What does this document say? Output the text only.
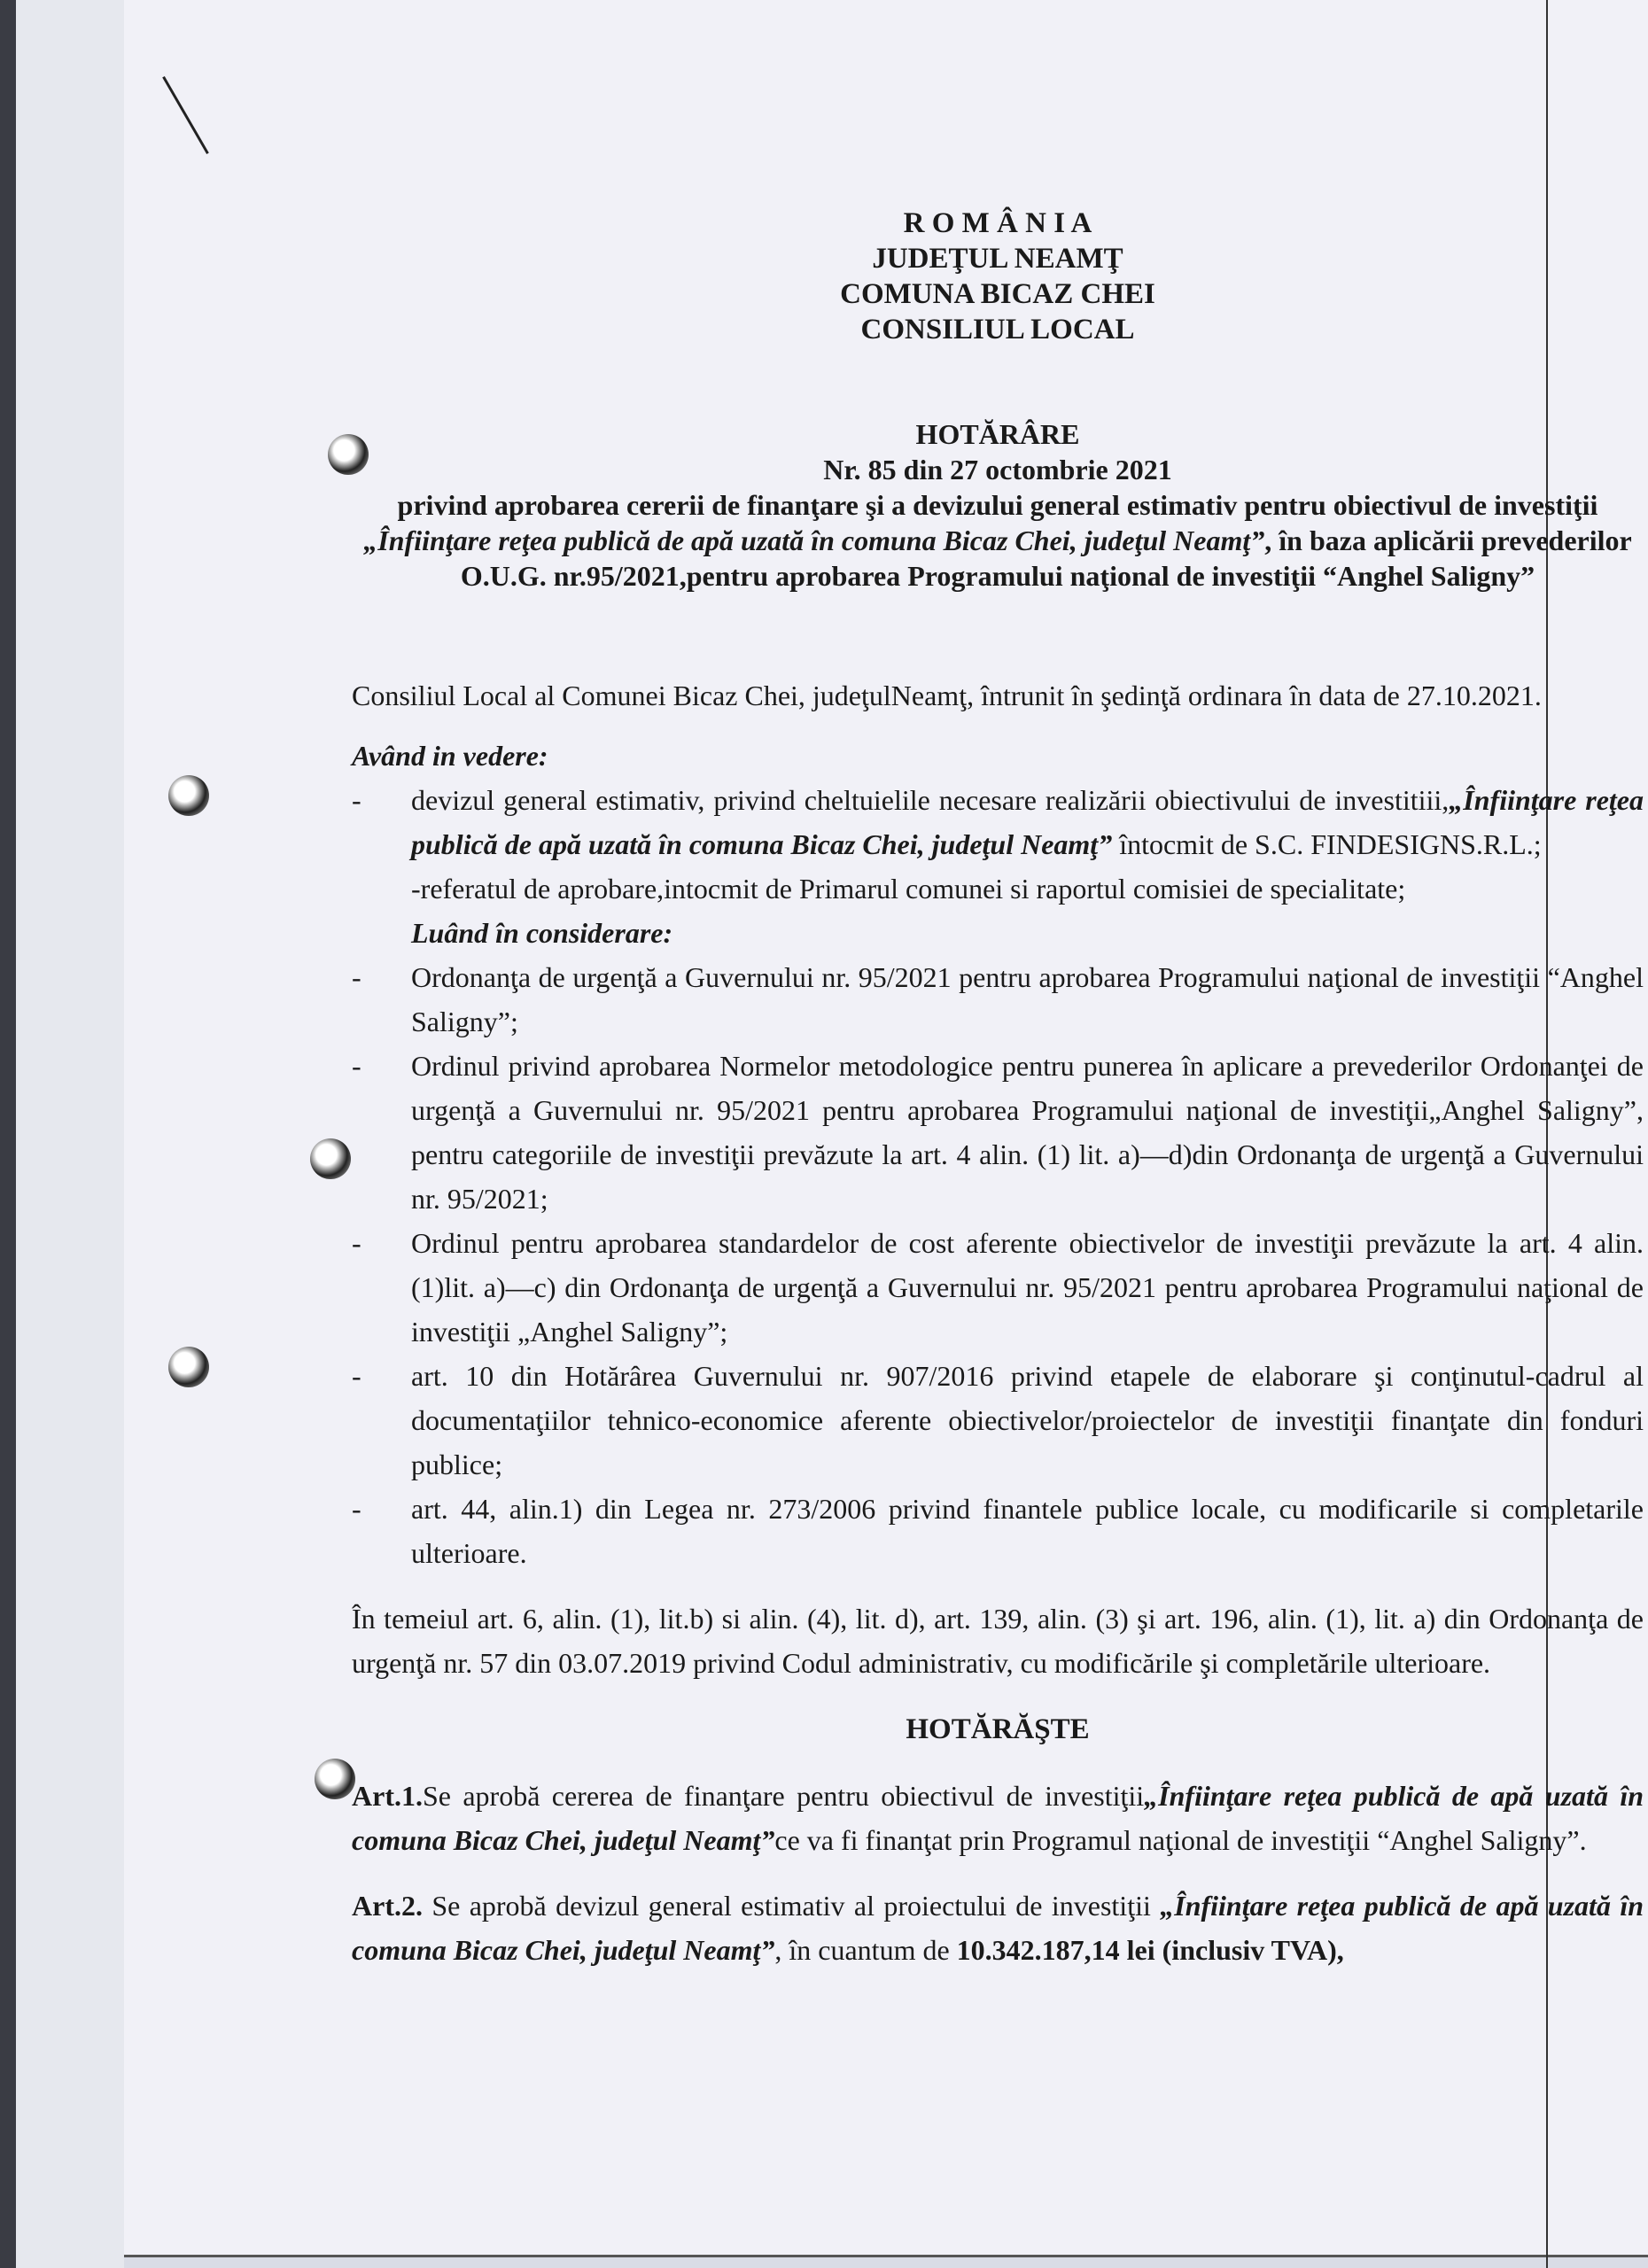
R O M Â N I A
JUDEŢUL NEAMŢ
COMUNA BICAZ CHEI
CONSILIUL LOCAL
HOTĂRÂRE
Nr. 85 din 27 octombrie 2021
privind aprobarea cererii de finanţare şi a devizului general estimativ pentru obiectivul de investiţii „Înfiinţare reţea publică de apă uzată în comuna Bicaz Chei, judeţul Neamţ”, în baza aplicării prevederilor O.U.G. nr.95/2021,pentru aprobarea Programului naţional de investiţii “Anghel Saligny”
Consiliul Local al Comunei Bicaz Chei, judeţulNeamţ, întrunit în şedinţă ordinara în data de 27.10.2021.
Având in vedere:
- devizul general estimativ, privind cheltuielile necesare realizării obiectivului de investitiii,„Înfiinţare reţea publică de apă uzată în comuna Bicaz Chei, judeţul Neamţ” întocmit de S.C. FINDESIGNS.R.L.;
-referatul de aprobare,intocmit de Primarul comunei si raportul comisiei de specialitate;
Luând în considerare:
- Ordonanţa de urgenţă a Guvernului nr. 95/2021 pentru aprobarea Programului naţional de investiţii “Anghel Saligny”;
- Ordinul privind aprobarea Normelor metodologice pentru punerea în aplicare a prevederilor Ordonanţei de urgenţă a Guvernului nr. 95/2021 pentru aprobarea Programului naţional de investiţii„Anghel Saligny”, pentru categoriile de investiţii prevăzute la art. 4 alin. (1) lit. a)—d)din Ordonanţa de urgenţă a Guvernului nr. 95/2021;
- Ordinul pentru aprobarea standardelor de cost aferente obiectivelor de investiţii prevăzute la art. 4 alin. (1)lit. a)—c) din Ordonanţa de urgenţă a Guvernului nr. 95/2021 pentru aprobarea Programului naţional de investiţii „Anghel Saligny”;
- art. 10 din Hotărârea Guvernului nr. 907/2016 privind etapele de elaborare şi conţinutul-cadrul al documentaţiilor tehnico-economice aferente obiectivelor/proiectelor de investiţii finanţate din fonduri publice;
- art. 44, alin.1) din Legea nr. 273/2006 privind finantele publice locale, cu modificarile si completarile ulterioare.
În temeiul art. 6, alin. (1), lit.b) si alin. (4), lit. d), art. 139, alin. (3) şi art. 196, alin. (1), lit. a) din Ordonanţa de urgenţă nr. 57 din 03.07.2019 privind Codul administrativ, cu modificările şi completările ulterioare.
HOTĂRĂŞTE
Art.1.Se aprobă cererea de finanţare pentru obiectivul de investiţii„Înfiinţare reţea publică de apă uzată în comuna Bicaz Chei, judeţul Neamţ”ce va fi finanţat prin Programul naţional de investiţii “Anghel Saligny”.
Art.2. Se aprobă devizul general estimativ al proiectului de investiţii „Înfiinţare reţea publică de apă uzată în comuna Bicaz Chei, judeţul Neamţ”, în cuantum de 10.342.187,14 lei (inclusiv TVA),
